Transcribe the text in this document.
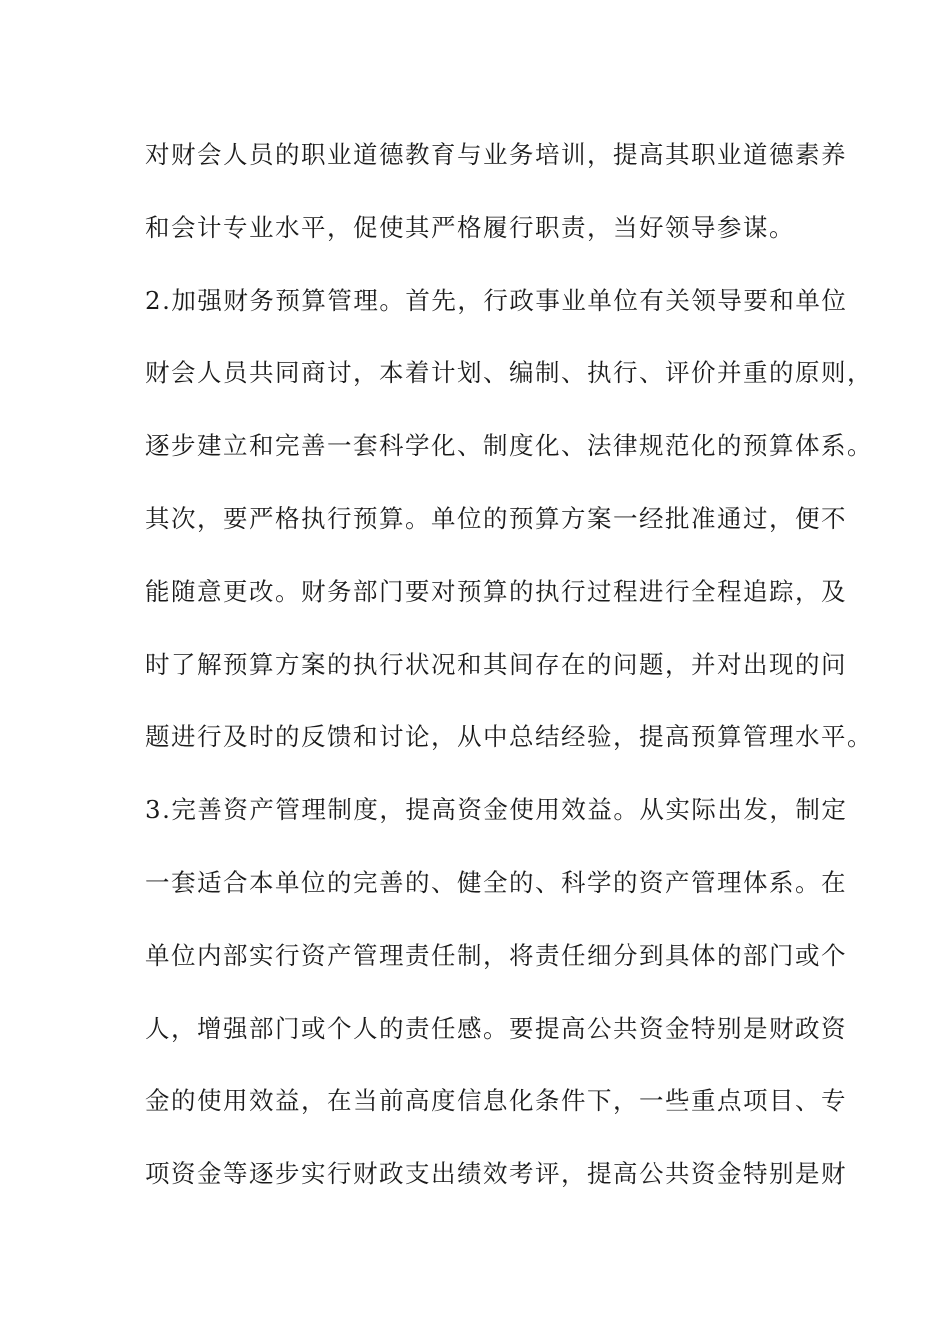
对财会人员的职业道德教育与业务培训，提高其职业道德素养
和会计专业水平，促使其严格履行职责，当好领导参谋。
2.加强财务预算管理。首先，行政事业单位有关领导要和单位
财会人员共同商讨，本着计划、编制、执行、评价并重的原则，
逐步建立和完善一套科学化、制度化、法律规范化的预算体系。
其次，要严格执行预算。单位的预算方案一经批准通过，便不
能随意更改。财务部门要对预算的执行过程进行全程追踪，及
时了解预算方案的执行状况和其间存在的问题，并对出现的问
题进行及时的反馈和讨论，从中总结经验，提高预算管理水平。
3.完善资产管理制度，提高资金使用效益。从实际出发，制定
一套适合本单位的完善的、健全的、科学的资产管理体系。在
单位内部实行资产管理责任制，将责任细分到具体的部门或个
人，增强部门或个人的责任感。要提高公共资金特别是财政资
金的使用效益，在当前高度信息化条件下，一些重点项目、专
项资金等逐步实行财政支出绩效考评，提高公共资金特别是财
